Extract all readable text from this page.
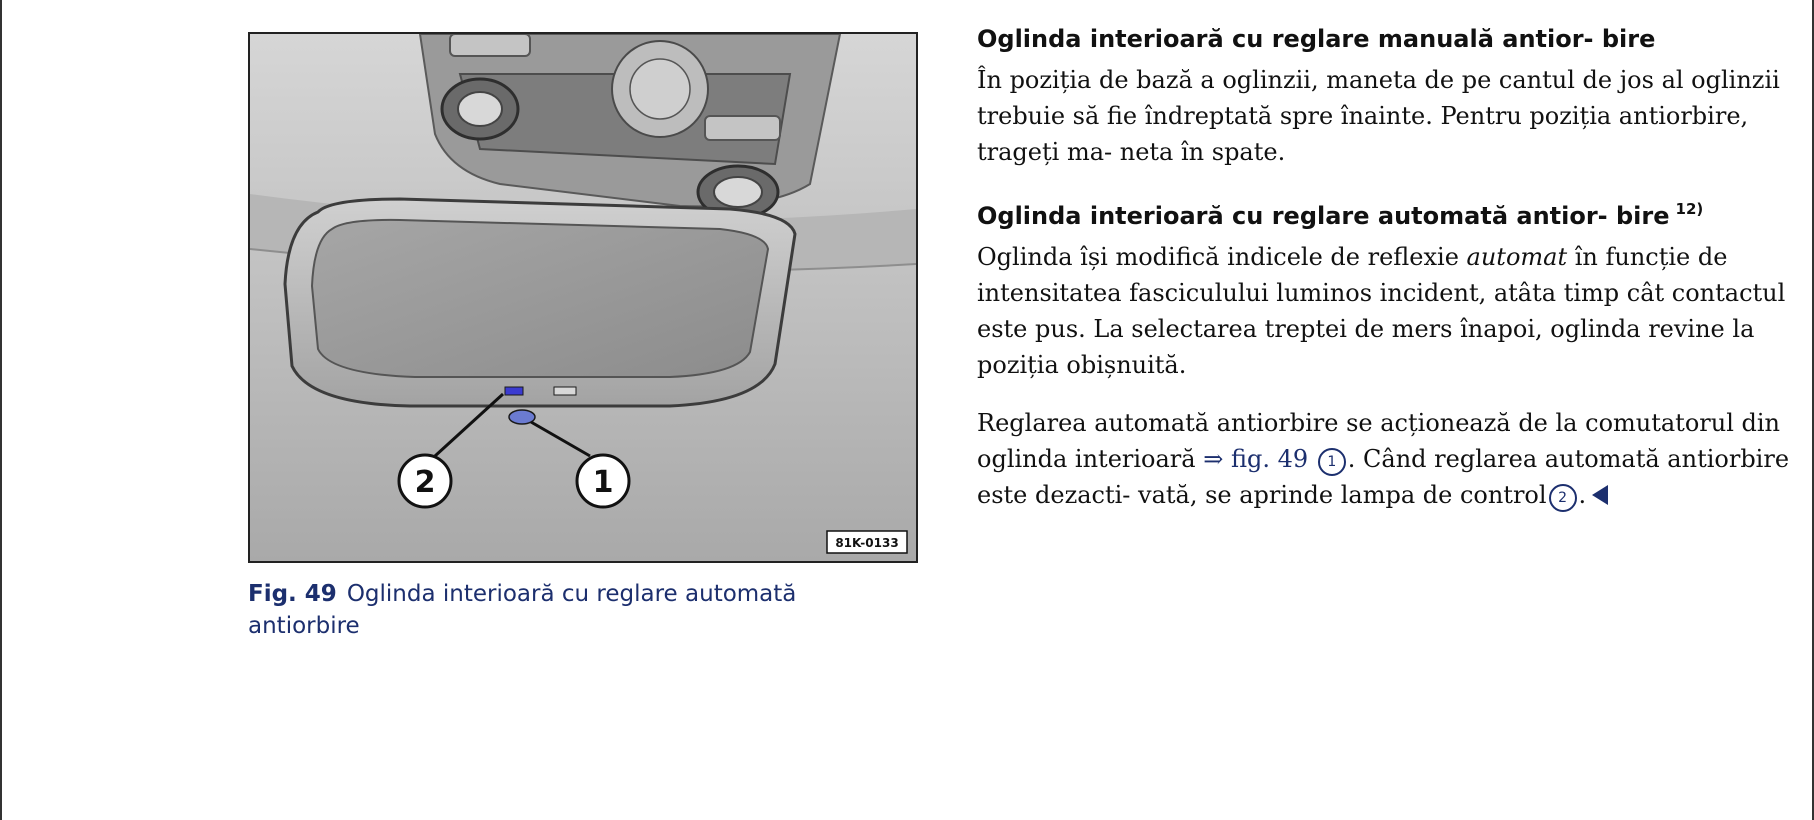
2	1
81K-0133
Fig. 49 Oglinda interioară cu reglare automată antiorbire
Oglinda interioară cu reglare manuală antior- bire

În poziția de bază a oglinzii, maneta de pe cantul de jos al oglinzii trebuie să fie îndreptată spre înainte. Pentru poziția antiorbire, trageți ma- neta în spate.

Oglinda interioară cu reglare automată antior- bire $^{12)}$

Oglinda își modifică indicele de reflexie automat în funcție de intensitatea fasciculului luminos incident, atâta timp cât contactul este pus. La selectarea treptei de mers înapoi, oglinda revine la poziția obișnuită.

Reglarea automată antiorbire se acționează de la comutatorul din oglinda interioară ⇒ fig. 49 1 . Când reglarea automată antiorbire este dezacti- vată, se aprinde lampa de control 2 .
